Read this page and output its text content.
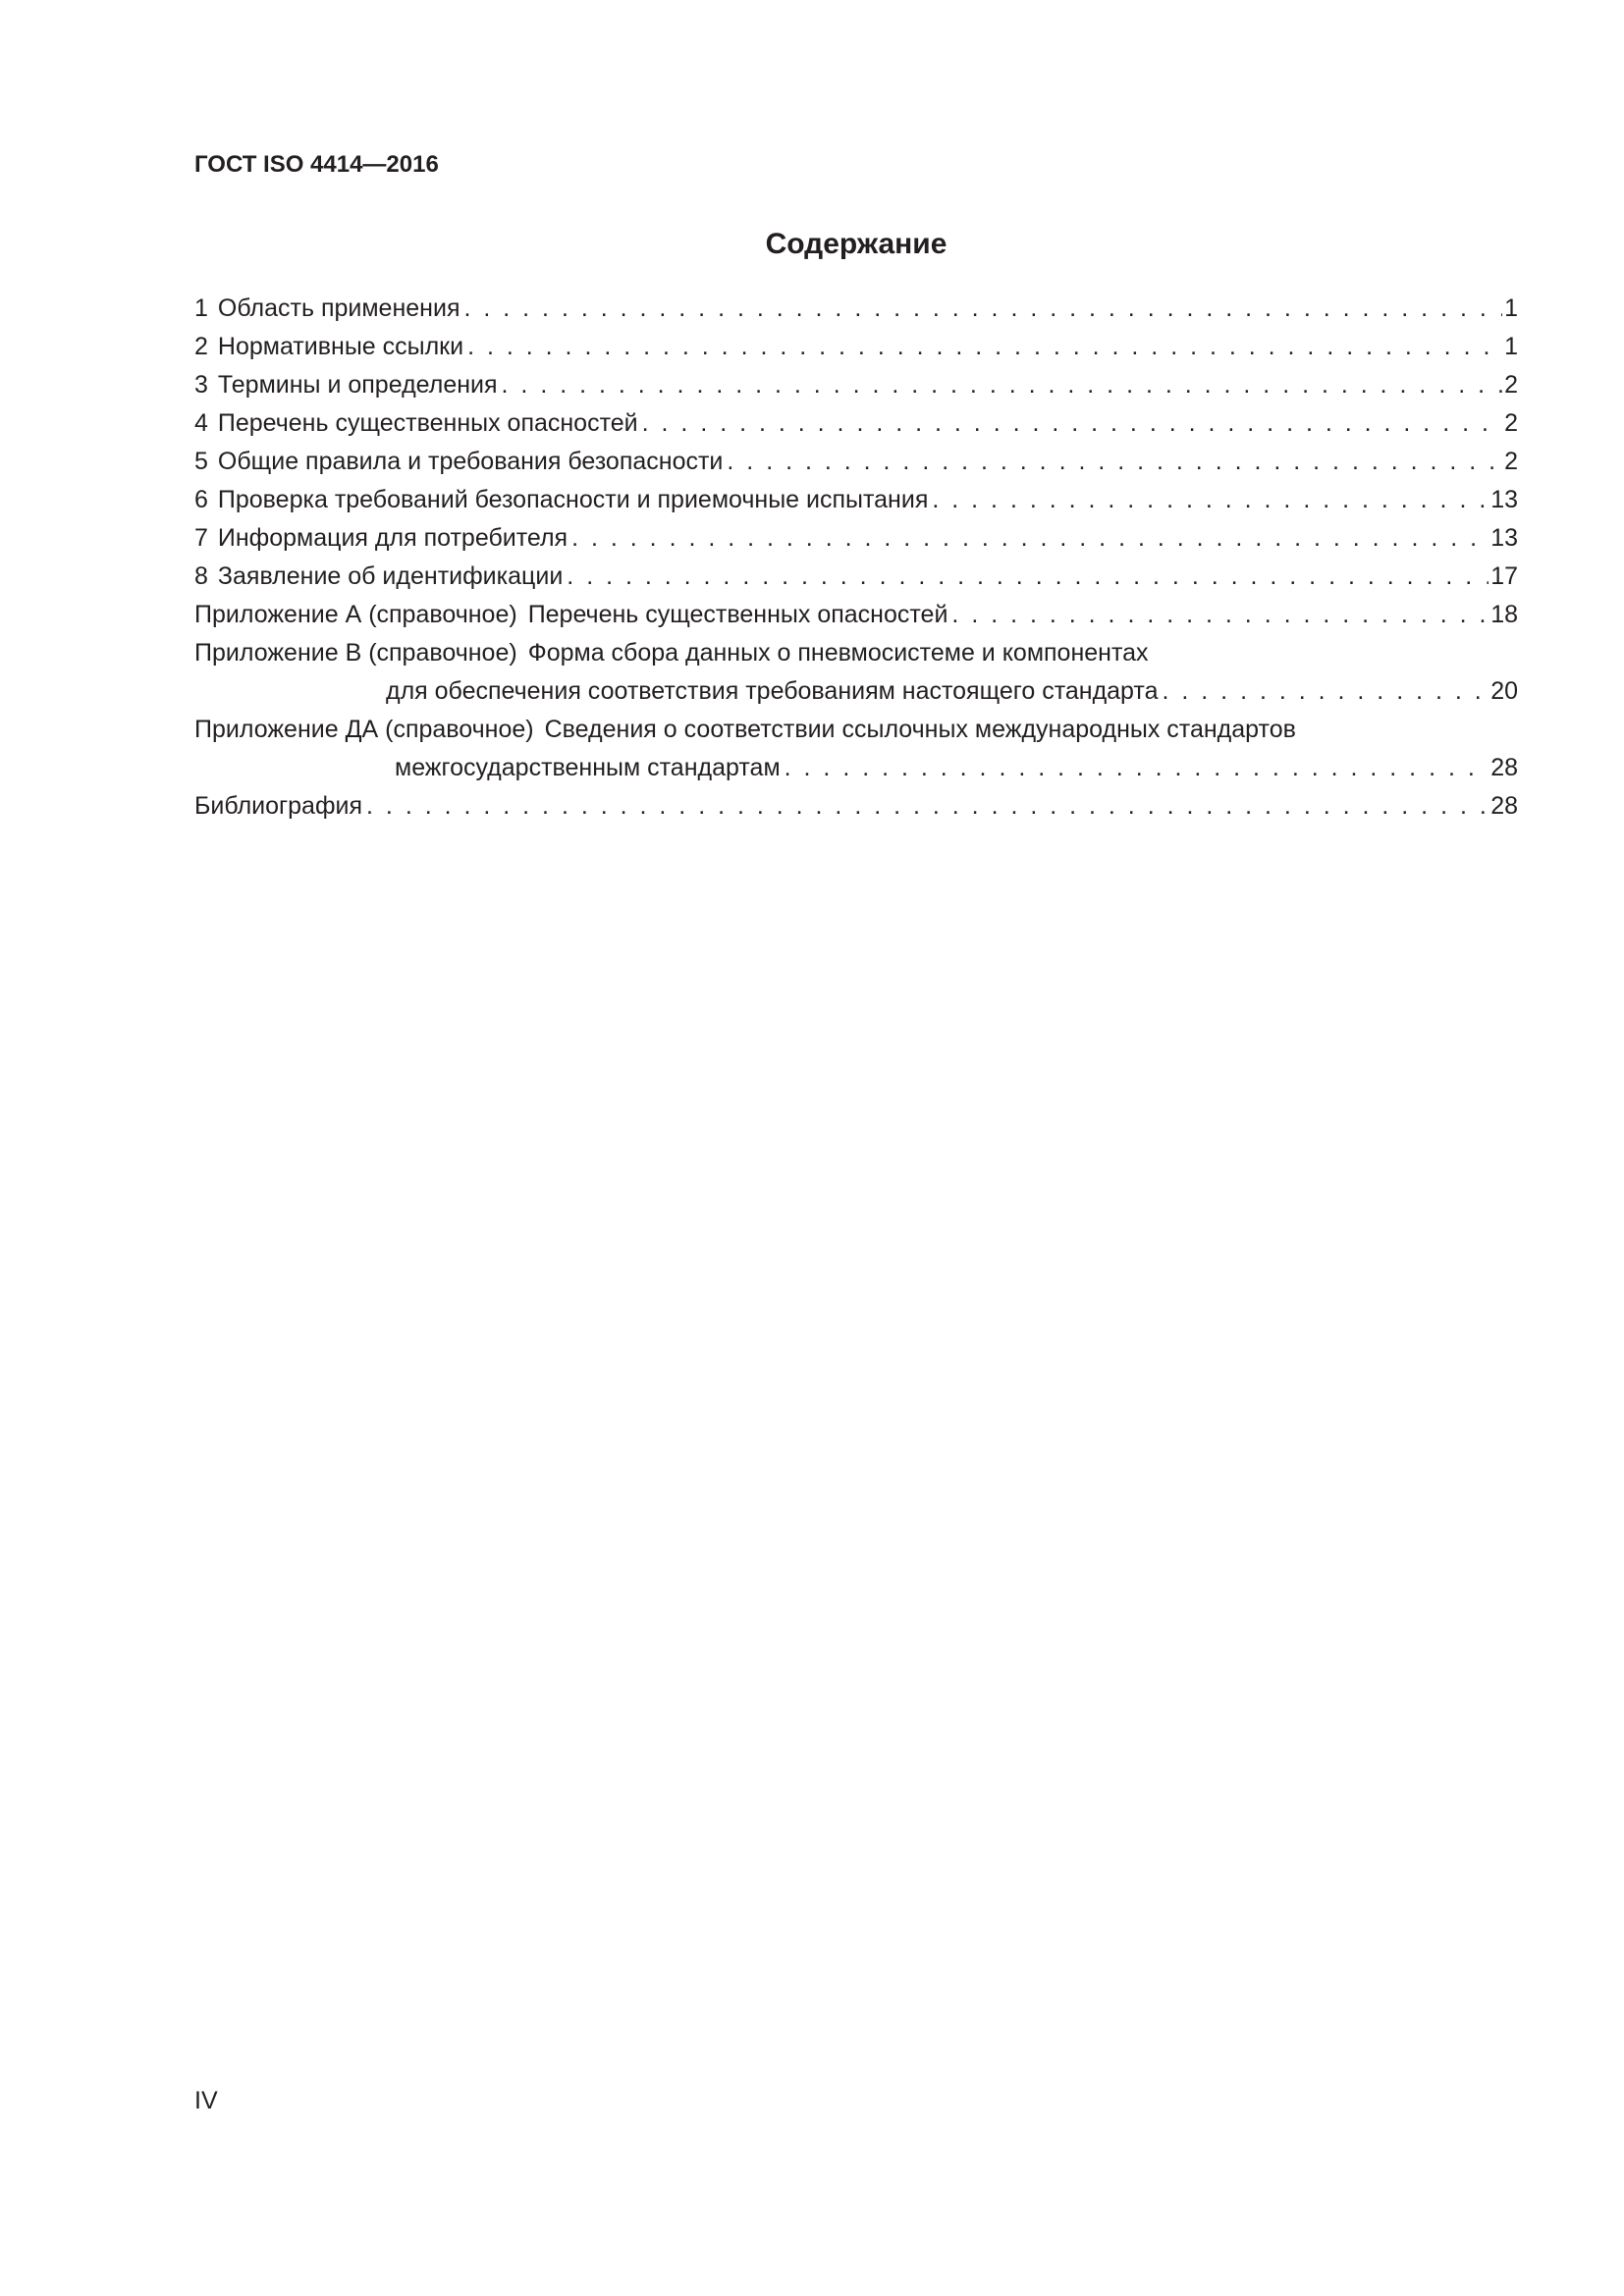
ГОСТ ISO 4414—2016
Содержание
1 Область применения . . .	1
2 Нормативные ссылки . . .	1
3 Термины и определения . . .	2
4 Перечень существенных опасностей . . .	2
5 Общие правила и требования безопасности . . .	2
6 Проверка требований безопасности и приемочные испытания . . .	13
7 Информация для потребителя . . .	13
8 Заявление об идентификации . . .	17
Приложение А (справочное) Перечень существенных опасностей . . .	18
Приложение В (справочное) Форма сбора данных о пневмосистеме и компонентах
для обеспечения соответствия требованиям настоящего стандарта . . .	20
Приложение ДА (справочное) Сведения о соответствии ссылочных международных стандартов
межгосударственным стандартам . . .	28
Библиография . . .	28
IV
